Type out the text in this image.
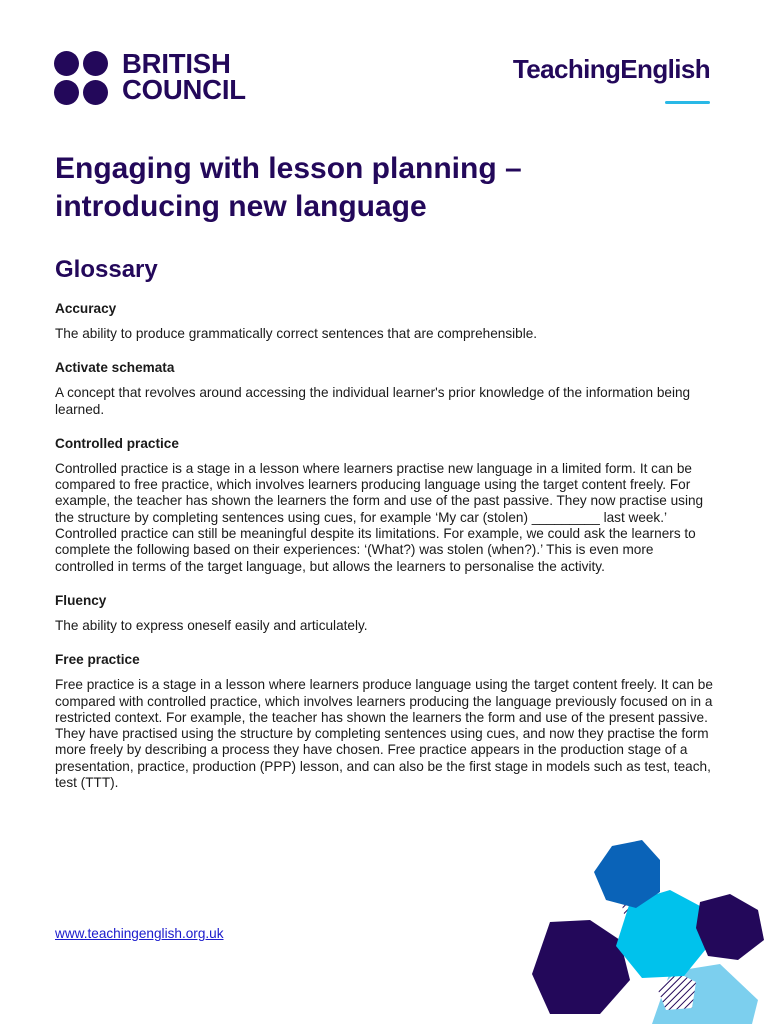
BRITISH
COUNCIL
TeachingEnglish
Engaging with lesson planning – introducing new language
Glossary

Accuracy

The ability to produce grammatically correct sentences that are comprehensible.

Activate schemata

A concept that revolves around accessing the individual learner's prior knowledge of the information being learned.

Controlled practice

Controlled practice is a stage in a lesson where learners practise new language in a limited form. It can be compared to free practice, which involves learners producing language using the target content freely. For example, the teacher has shown the learners the form and use of the past passive. They now practise using the structure by completing sentences using cues, for example ‘My car (stolen) _________ last week.’ Controlled practice can still be meaningful despite its limitations. For example, we could ask the learners to complete the following based on their experiences: ‘(What?) was stolen (when?).’ This is even more controlled in terms of the target language, but allows the learners to personalise the activity.

Fluency

The ability to express oneself easily and articulately.

Free practice

Free practice is a stage in a lesson where learners produce language using the target content freely. It can be compared with controlled practice, which involves learners producing the language previously focused on in a restricted context. For example, the teacher has shown the learners the form and use of the present passive. They have practised using the structure by completing sentences using cues, and now they practise the form more freely by describing a process they have chosen. Free practice appears in the production stage of a presentation, practice, production (PPP) lesson, and can also be the first stage in models such as test, teach, test (TTT).

www.teachingenglish.org.uk
